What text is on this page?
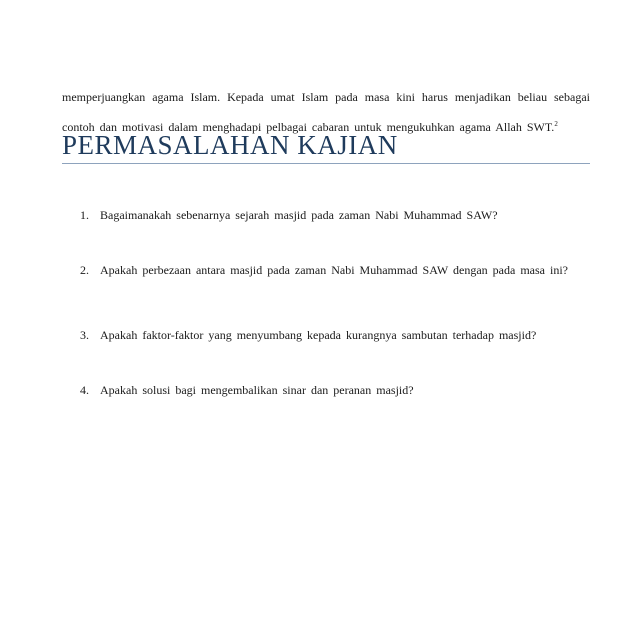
memperjuangkan agama Islam. Kepada umat Islam pada masa kini harus menjadikan beliau sebagai
contoh dan motivasi dalam menghadapi pelbagai cabaran untuk mengukuhkan agama Allah SWT.$^2$

PERMASALAHAN KAJIAN
1. Bagaimanakah sebenarnya sejarah masjid pada zaman Nabi Muhammad SAW?
2. Apakah perbezaan antara masjid pada zaman Nabi Muhammad SAW dengan pada masa ini?
3. Apakah faktor-faktor yang menyumbang kepada kurangnya sambutan terhadap masjid?
4. Apakah solusi bagi mengembalikan sinar dan peranan masjid?
